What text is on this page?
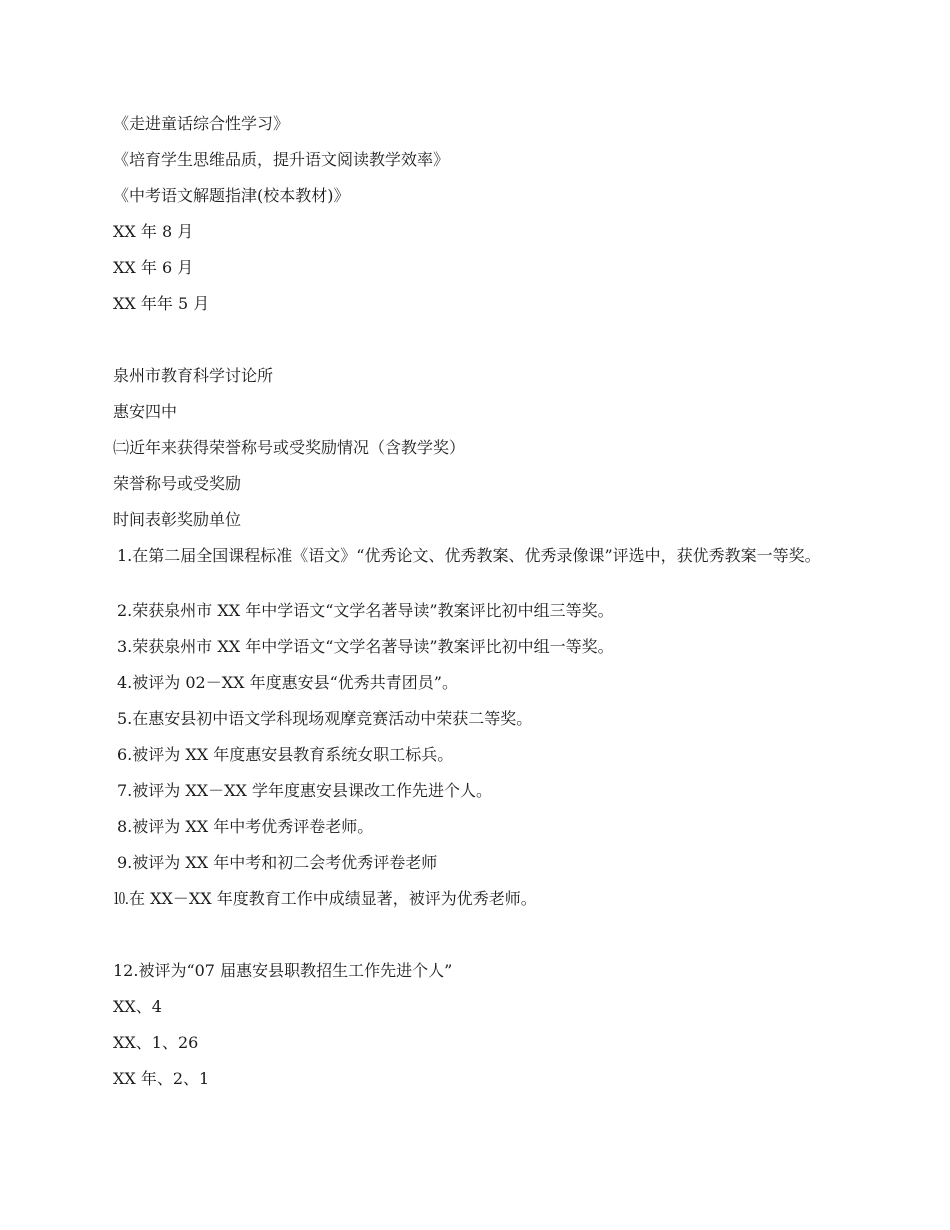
《走进童话综合性学习》
《培育学生思维品质，提升语文阅读教学效率》
《中考语文解题指津(校本教材)》
XX 年 8 月
XX 年 6 月
XX 年年 5 月
泉州市教育科学讨论所
惠安四中
㈡近年来获得荣誉称号或受奖励情况（含教学奖）
荣誉称号或受奖励
时间表彰奖励单位
1.在第二届全国课程标准《语文》“优秀论文、优秀教案、优秀录像课”评选中，获优秀教案一等奖。
2.荣获泉州市 XX 年中学语文“文学名著导读”教案评比初中组三等奖。
3.荣获泉州市 XX 年中学语文“文学名著导读”教案评比初中组一等奖。
4.被评为 02－XX 年度惠安县“优秀共青团员”。
5.在惠安县初中语文学科现场观摩竞赛活动中荣获二等奖。
6.被评为 XX 年度惠安县教育系统女职工标兵。
7.被评为 XX－XX 学年度惠安县课改工作先进个人。
8.被评为 XX 年中考优秀评卷老师。
9.被评为 XX 年中考和初二会考优秀评卷老师
⒑在 XX－XX 年度教育工作中成绩显著，被评为优秀老师。
12.被评为“07 届惠安县职教招生工作先进个人”
XX、4
XX、1、26
XX 年、2、1
